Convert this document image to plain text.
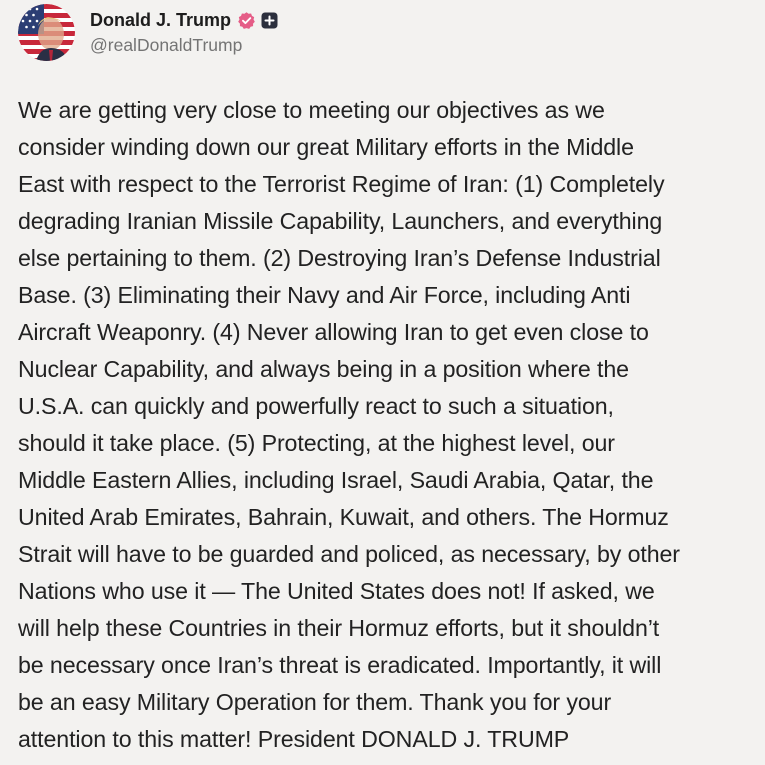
Donald J. Trump
@realDonaldTrump
We are getting very close to meeting our objectives as we
consider winding down our great Military efforts in the Middle
East with respect to the Terrorist Regime of Iran: (1) Completely
degrading Iranian Missile Capability, Launchers, and everything
else pertaining to them. (2) Destroying Iran’s Defense Industrial
Base. (3) Eliminating their Navy and Air Force, including Anti
Aircraft Weaponry. (4) Never allowing Iran to get even close to
Nuclear Capability, and always being in a position where the
U.S.A. can quickly and powerfully react to such a situation,
should it take place. (5) Protecting, at the highest level, our
Middle Eastern Allies, including Israel, Saudi Arabia, Qatar, the
United Arab Emirates, Bahrain, Kuwait, and others. The Hormuz
Strait will have to be guarded and policed, as necessary, by other
Nations who use it — The United States does not! If asked, we
will help these Countries in their Hormuz efforts, but it shouldn’t
be necessary once Iran’s threat is eradicated. Importantly, it will
be an easy Military Operation for them. Thank you for your
attention to this matter! President DONALD J. TRUMP
